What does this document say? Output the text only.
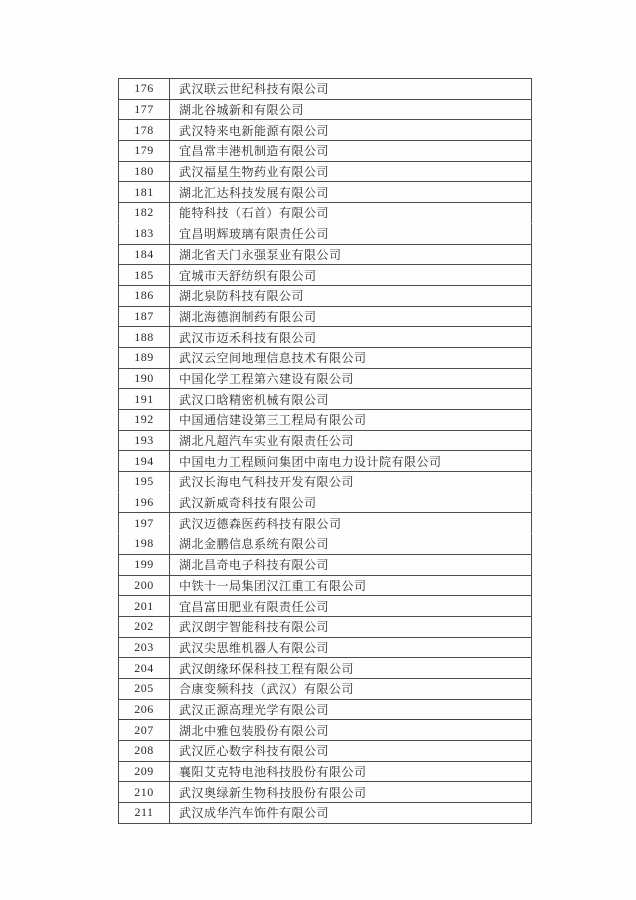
176	武汉联云世纪科技有限公司
177	湖北谷城新和有限公司
178	武汉特来电新能源有限公司
179	宜昌常丰港机制造有限公司
180	武汉福星生物药业有限公司
181	湖北汇达科技发展有限公司
182	能特科技（石首）有限公司
183	宜昌明辉玻璃有限责任公司
184	湖北省天门永强泵业有限公司
185	宜城市天舒纺织有限公司
186	湖北泉防科技有限公司
187	湖北海德润制药有限公司
188	武汉市迈禾科技有限公司
189	武汉云空间地理信息技术有限公司
190	中国化学工程第六建设有限公司
191	武汉口晗精密机械有限公司
192	中国通信建设第三工程局有限公司
193	湖北凡超汽车实业有限责任公司
194	中国电力工程顾问集团中南电力设计院有限公司
195	武汉长海电气科技开发有限公司
196	武汉新威奇科技有限公司
197	武汉迈德森医药科技有限公司
198	湖北金鹏信息系统有限公司
199	湖北昌奇电子科技有限公司
200	中铁十一局集团汉江重工有限公司
201	宜昌富田肥业有限责任公司
202	武汉朗宇智能科技有限公司
203	武汉尖思维机器人有限公司
204	武汉朗缘环保科技工程有限公司
205	合康变频科技（武汉）有限公司
206	武汉正源高理光学有限公司
207	湖北中雅包装股份有限公司
208	武汉匠心数字科技有限公司
209	襄阳艾克特电池科技股份有限公司
210	武汉奥绿新生物科技股份有限公司
211	武汉成华汽车饰件有限公司
